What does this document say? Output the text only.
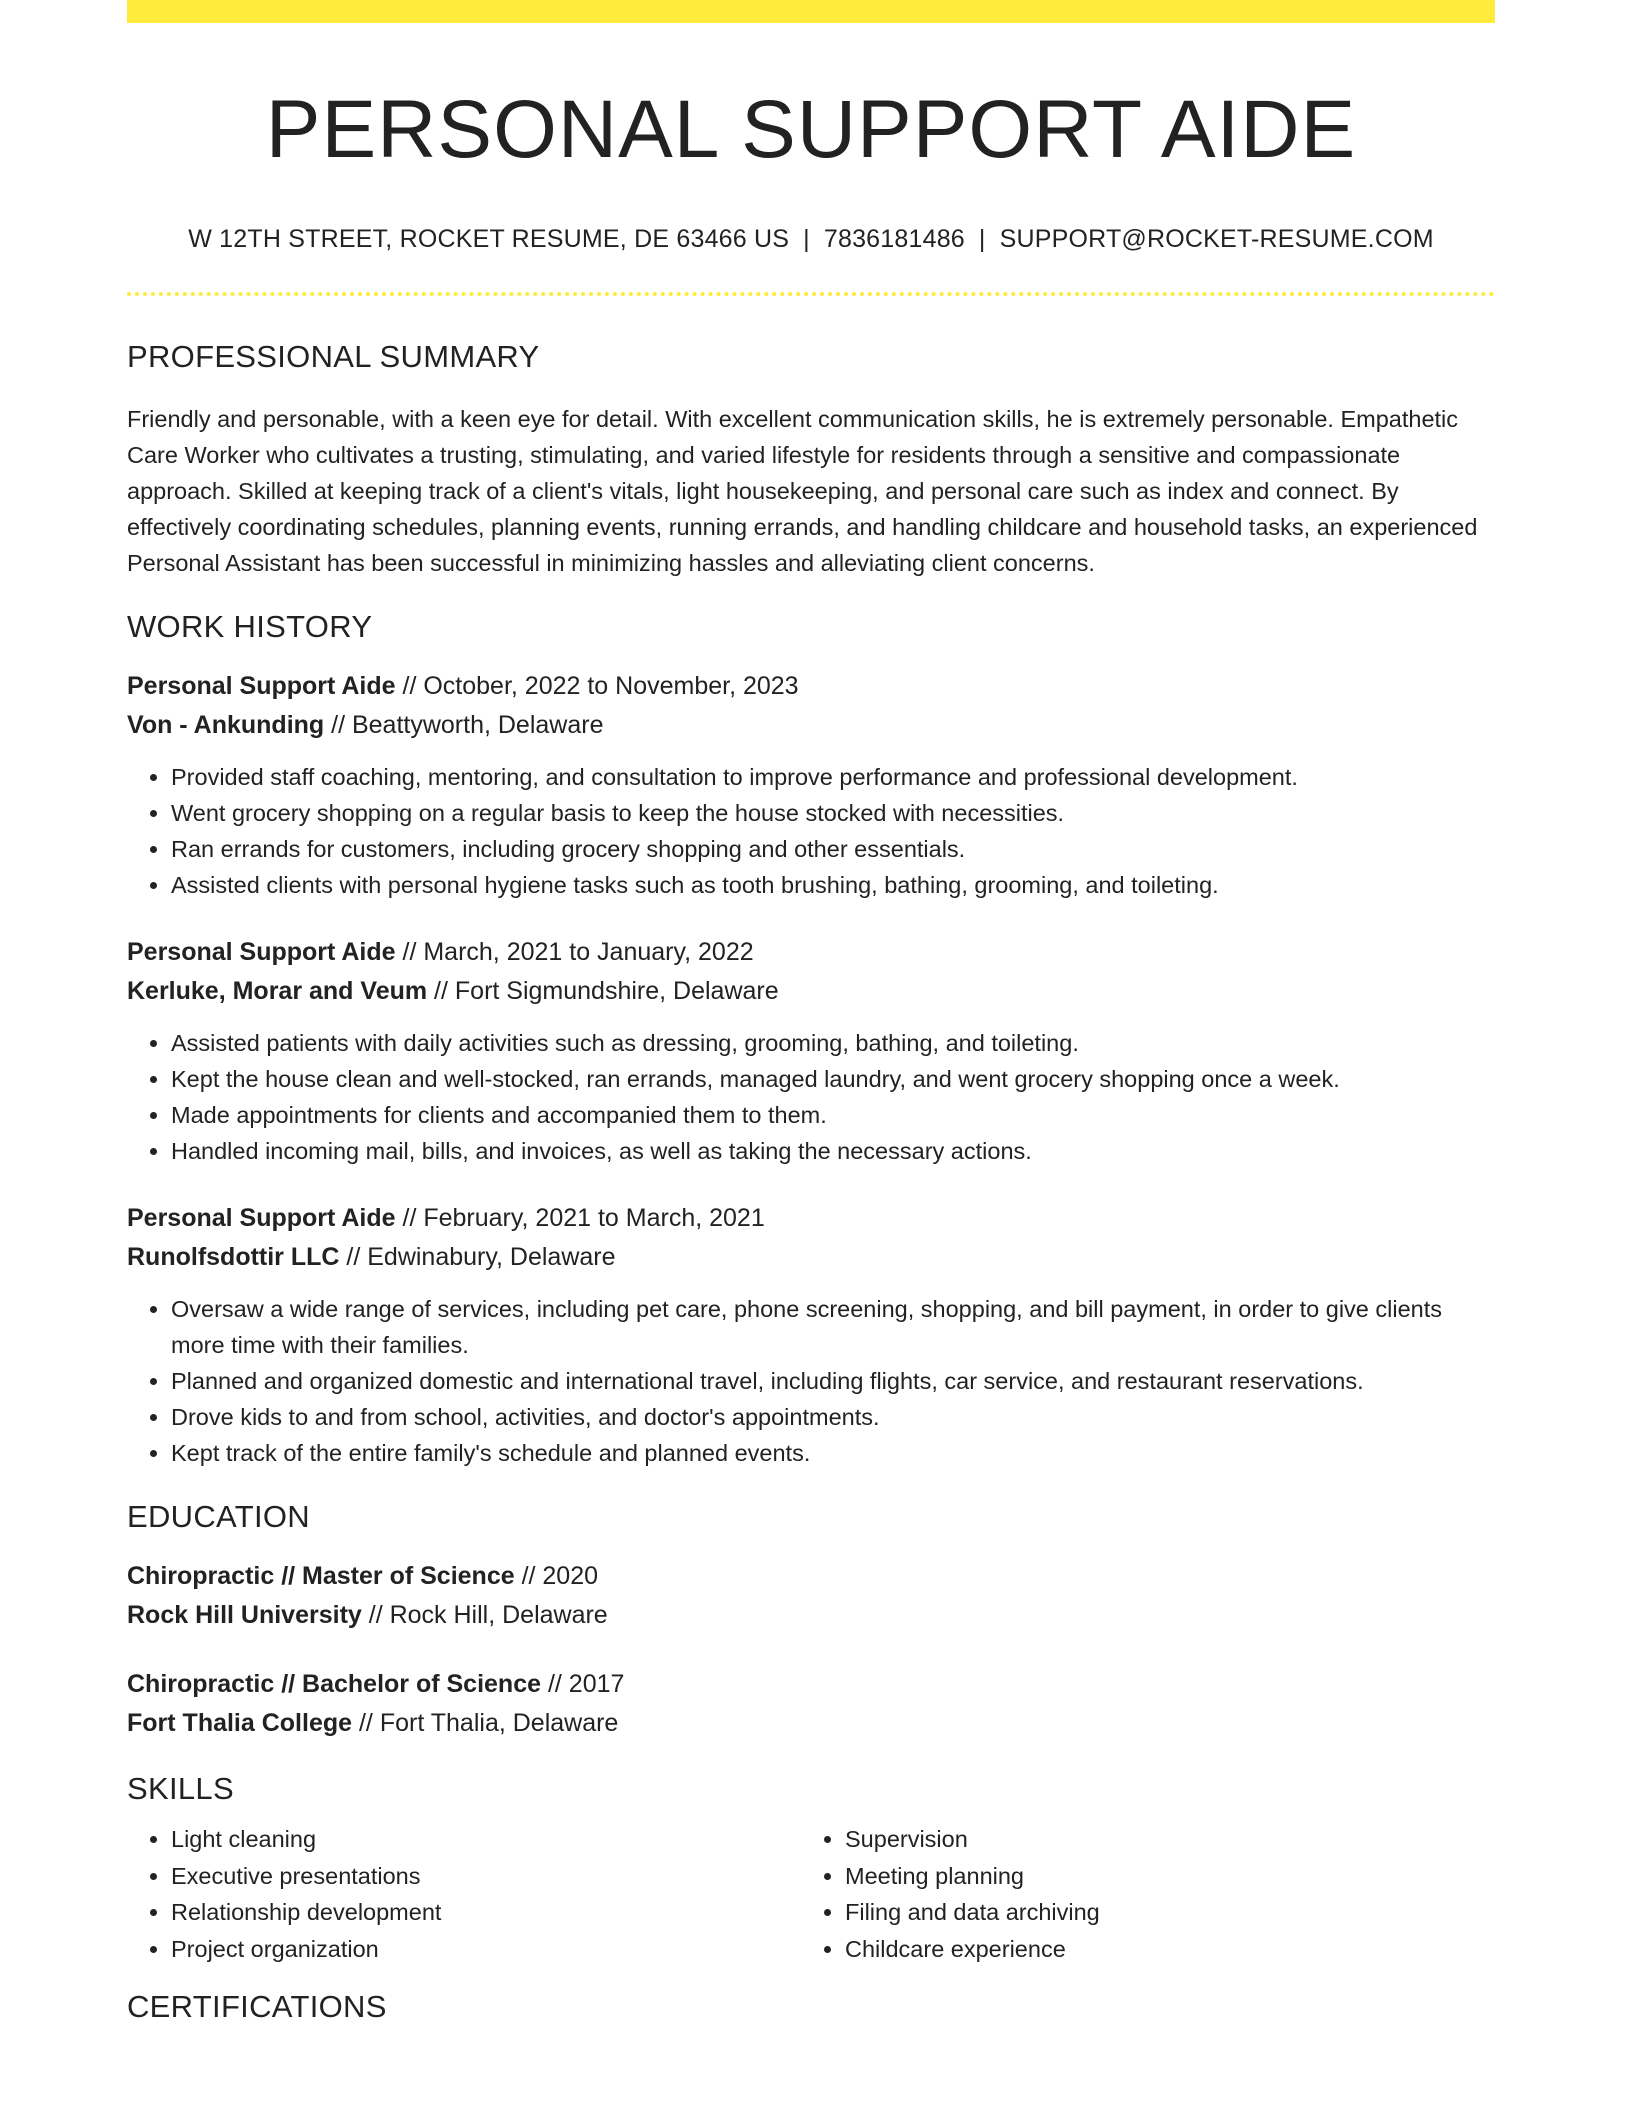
PERSONAL SUPPORT AIDE
W 12TH STREET, ROCKET RESUME, DE 63466 US | 7836181486 | SUPPORT@ROCKET-RESUME.COM
PROFESSIONAL SUMMARY

Friendly and personable, with a keen eye for detail. With excellent communication skills, he is extremely personable. Empathetic Care Worker who cultivates a trusting, stimulating, and varied lifestyle for residents through a sensitive and compassionate approach. Skilled at keeping track of a client's vitals, light housekeeping, and personal care such as index and connect. By effectively coordinating schedules, planning events, running errands, and handling childcare and household tasks, an experienced Personal Assistant has been successful in minimizing hassles and alleviating client concerns.

WORK HISTORY
Personal Support Aide // October, 2022 to November, 2023
Von - Ankunding // Beattyworth, Delaware
• Provided staff coaching, mentoring, and consultation to improve performance and professional development.
• Went grocery shopping on a regular basis to keep the house stocked with necessities.
• Ran errands for customers, including grocery shopping and other essentials.
• Assisted clients with personal hygiene tasks such as tooth brushing, bathing, grooming, and toileting.
Personal Support Aide // March, 2021 to January, 2022
Kerluke, Morar and Veum // Fort Sigmundshire, Delaware
• Assisted patients with daily activities such as dressing, grooming, bathing, and toileting.
• Kept the house clean and well-stocked, ran errands, managed laundry, and went grocery shopping once a week.
• Made appointments for clients and accompanied them to them.
• Handled incoming mail, bills, and invoices, as well as taking the necessary actions.
Personal Support Aide // February, 2021 to March, 2021
Runolfsdottir LLC // Edwinabury, Delaware
• Oversaw a wide range of services, including pet care, phone screening, shopping, and bill payment, in order to give clients more time with their families.
• Planned and organized domestic and international travel, including flights, car service, and restaurant reservations.
• Drove kids to and from school, activities, and doctor's appointments.
• Kept track of the entire family's schedule and planned events.
EDUCATION
Chiropractic // Master of Science // 2020
Rock Hill University // Rock Hill, Delaware
Chiropractic // Bachelor of Science // 2017
Fort Thalia College // Fort Thalia, Delaware
SKILLS
• Light cleaning
• Executive presentations
• Relationship development
• Project organization
• Supervision
• Meeting planning
• Filing and data archiving
• Childcare experience
CERTIFICATIONS
